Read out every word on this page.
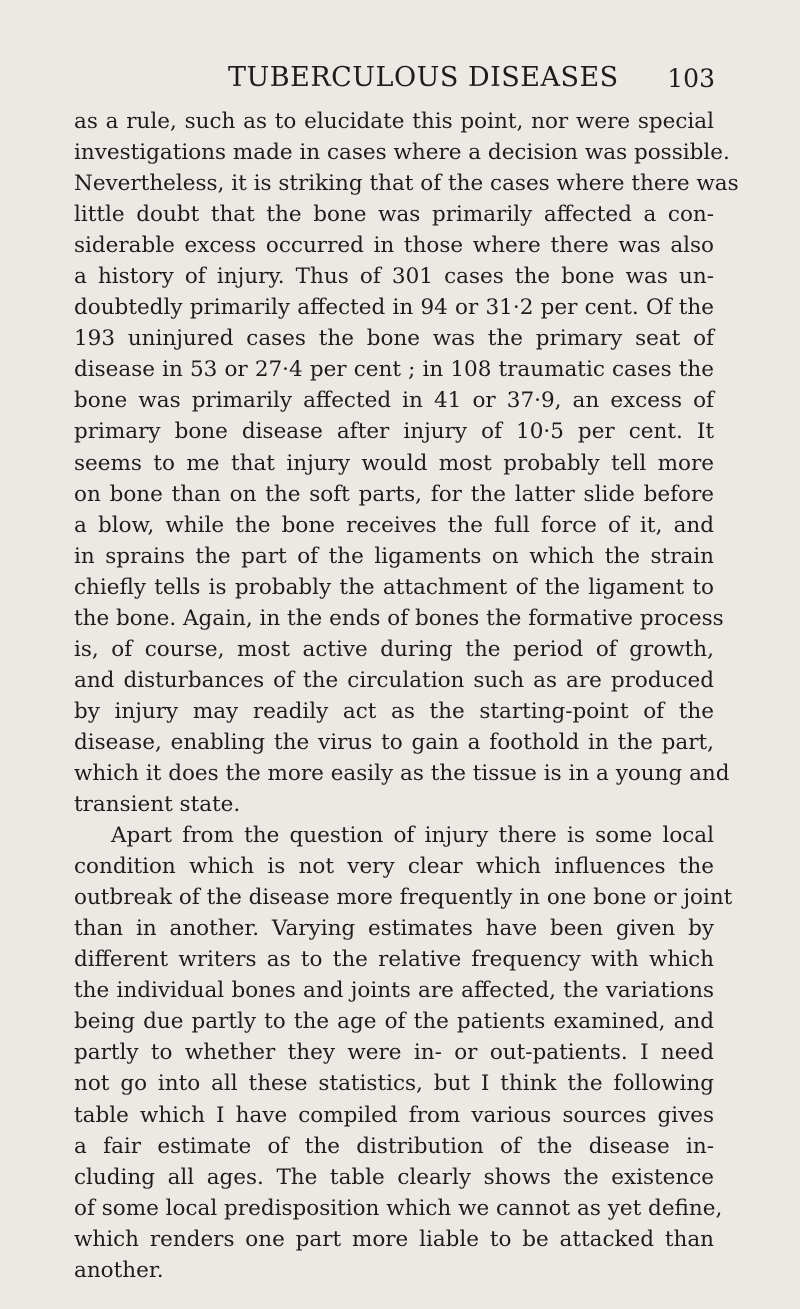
TUBERCULOUS DISEASES 103
as a rule, such as to elucidate this point, nor were special
investigations made in cases where a decision was possible.
Nevertheless, it is striking that of the cases where there was
little doubt that the bone was primarily affected a con-
siderable excess occurred in those where there was also
a history of injury. Thus of 301 cases the bone was un-
doubtedly primarily affected in 94 or 31·2 per cent. Of the
193 uninjured cases the bone was the primary seat of
disease in 53 or 27·4 per cent ; in 108 traumatic cases the
bone was primarily affected in 41 or 37·9, an excess of
primary bone disease after injury of 10·5 per cent. It
seems to me that injury would most probably tell more
on bone than on the soft parts, for the latter slide before
a blow, while the bone receives the full force of it, and
in sprains the part of the ligaments on which the strain
chiefly tells is probably the attachment of the ligament to
the bone. Again, in the ends of bones the formative process
is, of course, most active during the period of growth,
and disturbances of the circulation such as are produced
by injury may readily act as the starting-point of the
disease, enabling the virus to gain a foothold in the part,
which it does the more easily as the tissue is in a young and
transient state.
Apart from the question of injury there is some local
condition which is not very clear which influences the
outbreak of the disease more frequently in one bone or joint
than in another. Varying estimates have been given by
different writers as to the relative frequency with which
the individual bones and joints are affected, the variations
being due partly to the age of the patients examined, and
partly to whether they were in- or out-patients. I need
not go into all these statistics, but I think the following
table which I have compiled from various sources gives
a fair estimate of the distribution of the disease in-
cluding all ages. The table clearly shows the existence
of some local predisposition which we cannot as yet define,
which renders one part more liable to be attacked than
another.
